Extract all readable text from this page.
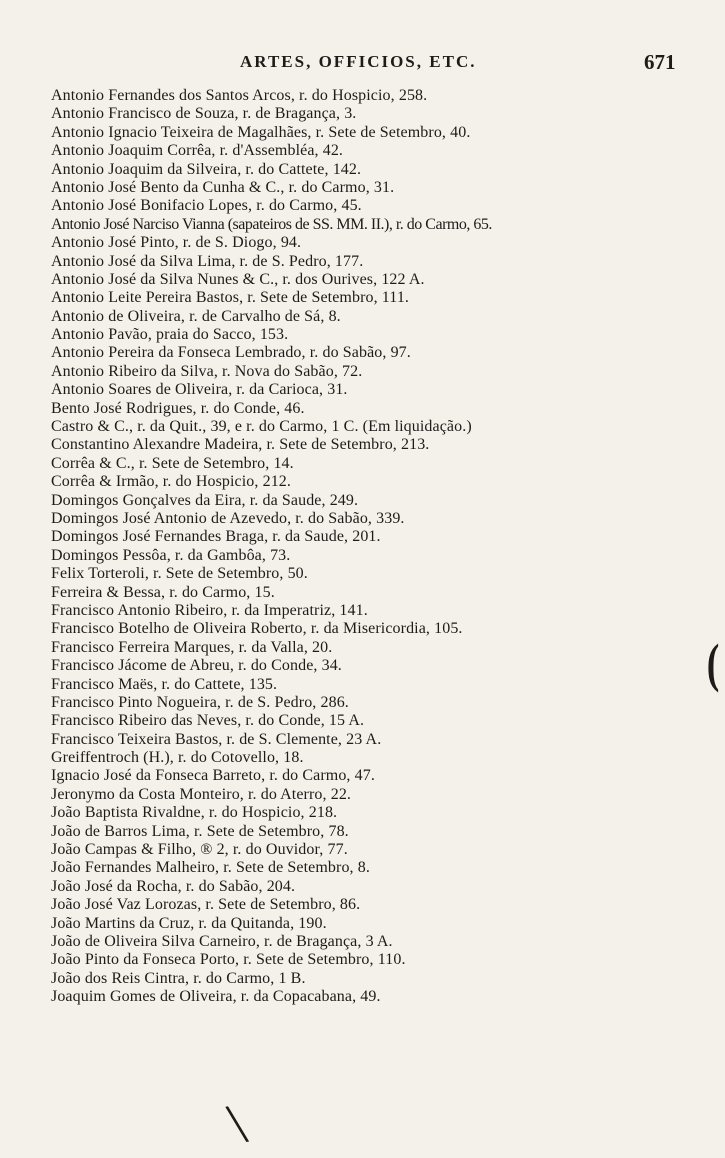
ARTES, OFFICIOS, ETC.	671
Antonio Fernandes dos Santos Arcos, r. do Hospicio, 258.
Antonio Francisco de Souza, r. de Bragança, 3.
Antonio Ignacio Teixeira de Magalhães, r. Sete de Setembro, 40.
Antonio Joaquim Corrêa, r. d'Assembléa, 42.
Antonio Joaquim da Silveira, r. do Cattete, 142.
Antonio José Bento da Cunha & C., r. do Carmo, 31.
Antonio José Bonifacio Lopes, r. do Carmo, 45.
Antonio José Narciso Vianna (sapateiros de SS. MM. II.), r. do Carmo, 65.
Antonio José Pinto, r. de S. Diogo, 94.
Antonio José da Silva Lima, r. de S. Pedro, 177.
Antonio José da Silva Nunes & C., r. dos Ourives, 122 A.
Antonio Leite Pereira Bastos, r. Sete de Setembro, 111.
Antonio de Oliveira, r. de Carvalho de Sá, 8.
Antonio Pavão, praia do Sacco, 153.
Antonio Pereira da Fonseca Lembrado, r. do Sabão, 97.
Antonio Ribeiro da Silva, r. Nova do Sabão, 72.
Antonio Soares de Oliveira, r. da Carioca, 31.
Bento José Rodrigues, r. do Conde, 46.
Castro & C., r. da Quit., 39, e r. do Carmo, 1 C. (Em liquidação.)
Constantino Alexandre Madeira, r. Sete de Setembro, 213.
Corrêa & C., r. Sete de Setembro, 14.
Corrêa & Irmão, r. do Hospicio, 212.
Domingos Gonçalves da Eira, r. da Saude, 249.
Domingos José Antonio de Azevedo, r. do Sabão, 339.
Domingos José Fernandes Braga, r. da Saude, 201.
Domingos Pessôa, r. da Gambôa, 73.
Felix Torteroli, r. Sete de Setembro, 50.
Ferreira & Bessa, r. do Carmo, 15.
Francisco Antonio Ribeiro, r. da Imperatriz, 141.
Francisco Botelho de Oliveira Roberto, r. da Misericordia, 105.
Francisco Ferreira Marques, r. da Valla, 20.
Francisco Jácome de Abreu, r. do Conde, 34.
Francisco Maës, r. do Cattete, 135.
Francisco Pinto Nogueira, r. de S. Pedro, 286.
Francisco Ribeiro das Neves, r. do Conde, 15 A.
Francisco Teixeira Bastos, r. de S. Clemente, 23 A.
Greiffentroch (H.), r. do Cotovello, 18.
Ignacio José da Fonseca Barreto, r. do Carmo, 47.
Jeronymo da Costa Monteiro, r. do Aterro, 22.
João Baptista Rivaldne, r. do Hospicio, 218.
João de Barros Lima, r. Sete de Setembro, 78.
João Campas & Filho, ® 2, r. do Ouvidor, 77.
João Fernandes Malheiro, r. Sete de Setembro, 8.
João José da Rocha, r. do Sabão, 204.
João José Vaz Lorozas, r. Sete de Setembro, 86.
João Martins da Cruz, r. da Quitanda, 190.
João de Oliveira Silva Carneiro, r. de Bragança, 3 A.
João Pinto da Fonseca Porto, r. Sete de Setembro, 110.
João dos Reis Cintra, r. do Carmo, 1 B.
Joaquim Gomes de Oliveira, r. da Copacabana, 49.
(
\
